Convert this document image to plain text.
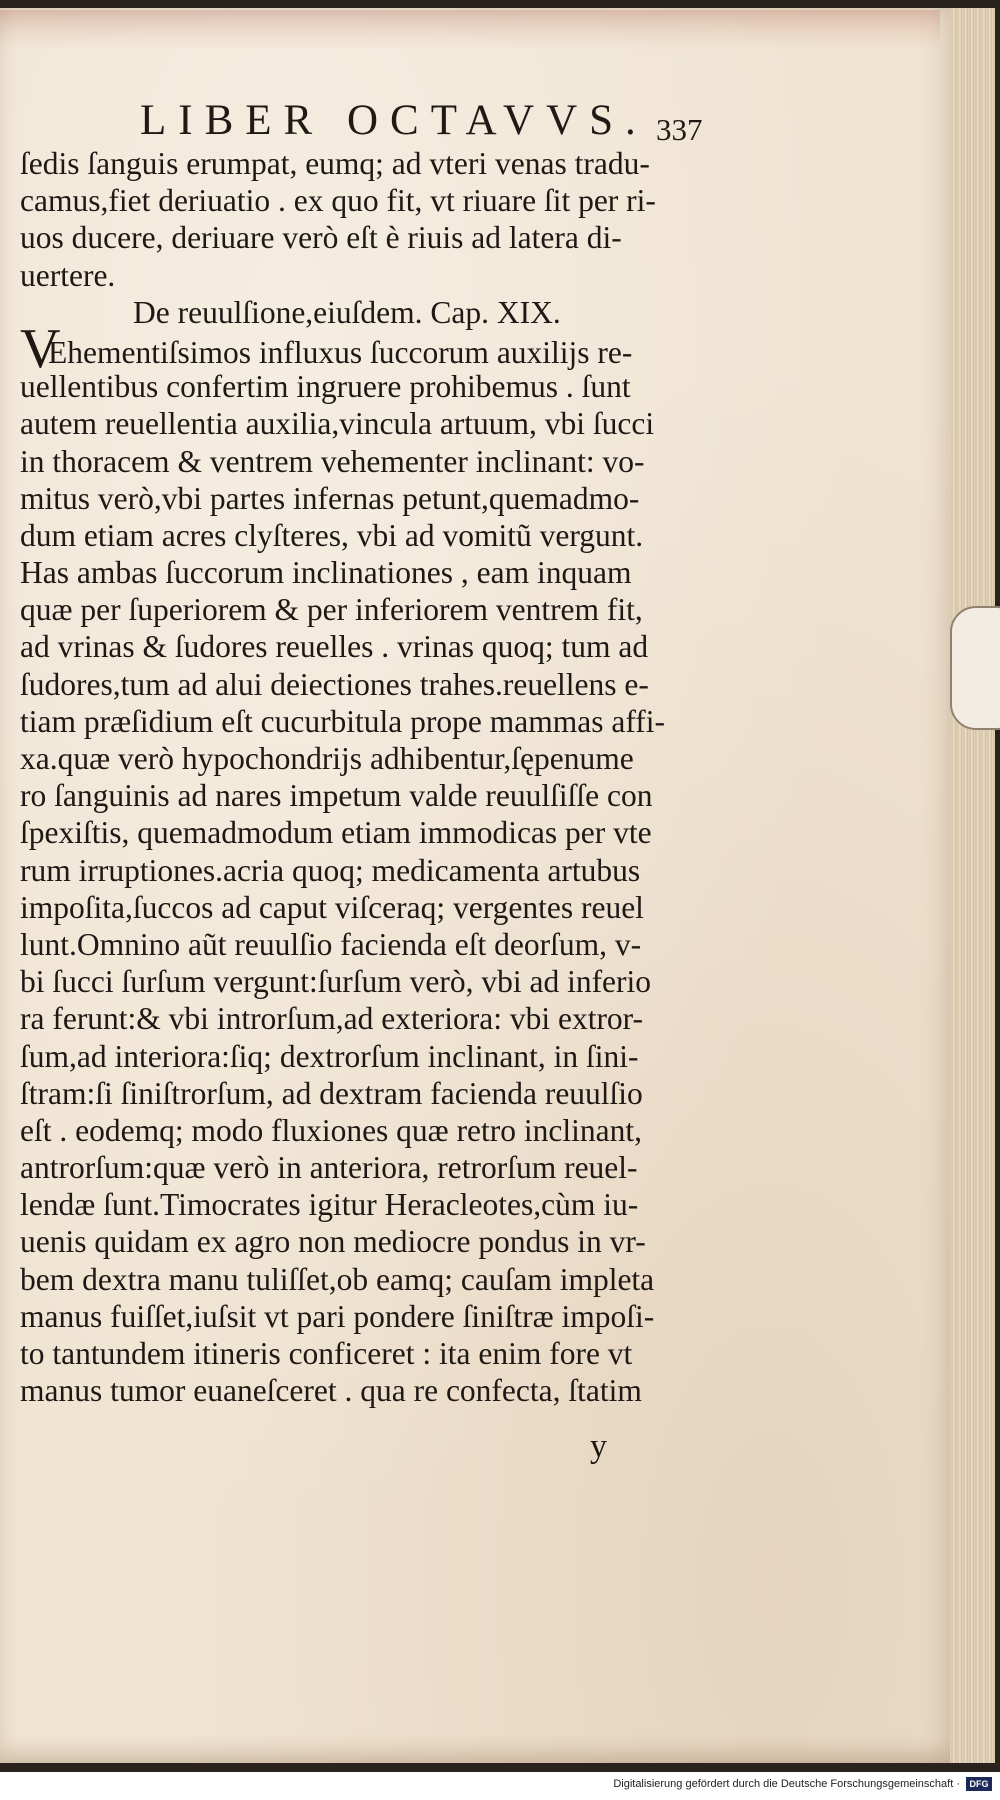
LIBER OCTAVVS. 337
ſedis ſanguis erumpat, eumq; ad vteri venas tradu-
camus,fiet deriuatio . ex quo fit, vt riuare ſit per ri-
uos ducere, deriuare verò eſt è riuis ad latera di-
uertere.
De reuulſione,eiuſdem. Cap. XIX.
VEhementiſsimos influxus ſuccorum auxilijs re-
uellentibus confertim ingruere prohibemus . ſunt
autem reuellentia auxilia,vincula artuum, vbi ſucci
in thoracem & ventrem vehementer inclinant: vo-
mitus verò,vbi partes infernas petunt,quemadmo-
dum etiam acres clyſteres, vbi ad vomitũ vergunt.
Has ambas ſuccorum inclinationes , eam inquam
quæ per ſuperiorem & per inferiorem ventrem fit,
ad vrinas & ſudores reuelles . vrinas quoq; tum ad
ſudores,tum ad alui deiectiones trahes.reuellens e-
tiam præſidium eſt cucurbitula prope mammas affi-
xa.quæ verò hypochondrijs adhibentur,ſępenume
ro ſanguinis ad nares impetum valde reuulſiſſe con
ſpexiſtis, quemadmodum etiam immodicas per vte
rum irruptiones.acria quoq; medicamenta artubus
impoſita,ſuccos ad caput viſceraq; vergentes reuel
lunt.Omnino aũt reuulſio facienda eſt deorſum, v-
bi ſucci ſurſum vergunt:ſurſum verò, vbi ad inferio
ra ferunt:& vbi introrſum,ad exteriora: vbi extror-
ſum,ad interiora:ſiq; dextrorſum inclinant, in ſini-
ſtram:ſi ſiniſtrorſum, ad dextram facienda reuulſio
eſt . eodemq; modo fluxiones quæ retro inclinant,
antrorſum:quæ verò in anteriora, retrorſum reuel-
lendæ ſunt.Timocrates igitur Heracleotes,cùm iu-
uenis quidam ex agro non mediocre pondus in vr-
bem dextra manu tuliſſet,ob eamq; cauſam impleta
manus fuiſſet,iuſsit vt pari pondere ſiniſtræ impoſi-
to tantundem itineris conficeret : ita enim fore vt
manus tumor euaneſceret . qua re confecta, ſtatim
y
Digitalisierung gefördert durch die Deutsche Forschungsgemeinschaft ·	DFG
